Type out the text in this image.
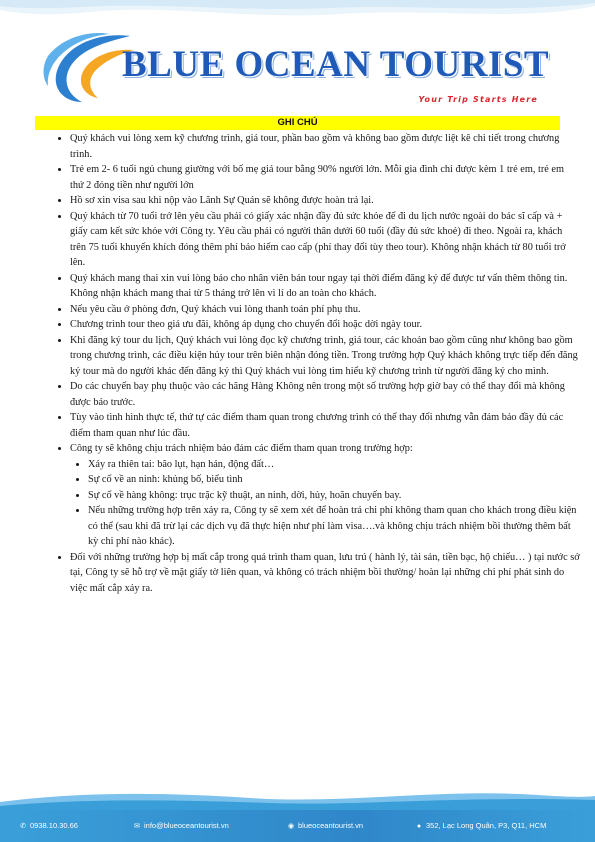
BLUE OCEAN TOURIST
Your Trip Starts Here
GHI CHÚ
• Quý khách vui lòng xem kỹ chương trình, giá tour, phần bao gồm và không bao gồm được liệt kê chi tiết trong chương trình.
• Trẻ em 2- 6 tuổi ngủ chung giường với bố mẹ giá tour bằng 90% người lớn. Mỗi gia đình chỉ được kèm 1 trẻ em, trẻ em thứ 2 đóng tiền như người lớn
• Hồ sơ xin visa sau khi nộp vào Lãnh Sự Quán sẽ không được hoàn trả lại.
• Quý khách từ 70 tuổi trở lên yêu cầu phải có giấy xác nhận đầy đủ sức khỏe để đi du lịch nước ngoài do bác sĩ cấp và + giấy cam kết sức khỏe với Công ty. Yêu cầu phải có người thân dưới 60 tuổi (đầy đủ sức khoẻ) đi theo. Ngoài ra, khách trên 75 tuổi khuyến khích đóng thêm phí bảo hiểm cao cấp (phí thay đổi tùy theo tour). Không nhận khách từ 80 tuổi trở lên.
• Quý khách mang thai xin vui lòng báo cho nhân viên bán tour ngay tại thời điểm đăng ký để được tư vấn thêm thông tin. Không nhận khách mang thai từ 5 tháng trở lên vì lí do an toàn cho khách.
• Nếu yêu cầu ở phòng đơn, Quý khách vui lòng thanh toán phí phụ thu.
• Chương trình tour theo giá ưu đãi, không áp dụng cho chuyển đổi hoặc dời ngày tour.
• Khi đăng ký tour du lịch, Quý khách vui lòng đọc kỹ chương trình, giá tour, các khoản bao gồm cũng như không bao gồm trong chương trình, các điều kiện hủy tour trên biên nhận đóng tiền. Trong trường hợp Quý khách không trực tiếp đến đăng ký tour mà do người khác đến đăng ký thì Quý khách vui lòng tìm hiểu kỹ chương trình từ người đăng ký cho mình.
• Do các chuyến bay phụ thuộc vào các hãng Hàng Không nên trong một số trường hợp giờ bay có thể thay đổi mà không được báo trước.
• Tùy vào tình hình thực tế, thứ tự các điểm tham quan trong chương trình có thể thay đổi nhưng vẫn đảm bảo đầy đủ các điểm tham quan như lúc đầu.
• Công ty sẽ không chịu trách nhiệm bảo đảm các điểm tham quan trong trường hợp:
• Xảy ra thiên tai: bão lụt, hạn hán, động đất…
• Sự cố về an ninh: khủng bố, biểu tình
• Sự cố về hàng không: trục trặc kỹ thuật, an ninh, dời, hủy, hoãn chuyến bay.
• Nếu những trường hợp trên xảy ra, Công ty sẽ xem xét để hoàn trả chi phí không tham quan cho khách trong điều kiện có thể (sau khi đã trừ lại các dịch vụ đã thực hiện như phí làm visa….và không chịu trách nhiệm bồi thường thêm bất kỳ chi phí nào khác).
• Đối với những trường hợp bị mất cắp trong quá trình tham quan, lưu trú ( hành lý, tài sản, tiền bạc, hộ chiếu… ) tại nước sở tại, Công ty sẽ hỗ trợ về mặt giấy tờ liên quan, và không có trách nhiệm bồi thường/ hoàn lại những chi phí phát sinh do việc mất cắp xảy ra.
✆ 0938.10.30.66	✉ info@blueoceantourist.vn	◉ blueoceantourist.vn	● 352, Lạc Long Quân, P3, Q11, HCM
